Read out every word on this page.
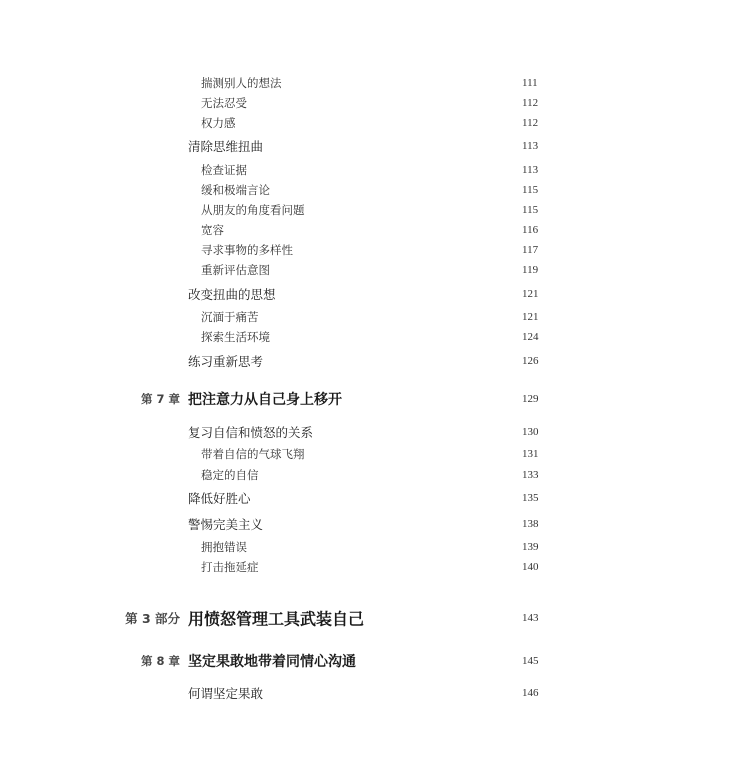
揣测别人的想法	111
无法忍受	112
权力感	112
清除思维扭曲	113
检查证据	113
缓和极端言论	115
从朋友的角度看问题	115
宽容	116
寻求事物的多样性	117
重新评估意图	119
改变扭曲的思想	121
沉湎于痛苦	121
探索生活环境	124
练习重新思考	126
第 7 章 把注意力从自己身上移开	129
复习自信和愤怒的关系	130
带着自信的气球飞翔	131
稳定的自信	133
降低好胜心	135
警惕完美主义	138
拥抱错误	139
打击拖延症	140
第 3 部分 用愤怒管理工具武装自己	143
第 8 章 坚定果敢地带着同情心沟通	145
何谓坚定果敢	146
